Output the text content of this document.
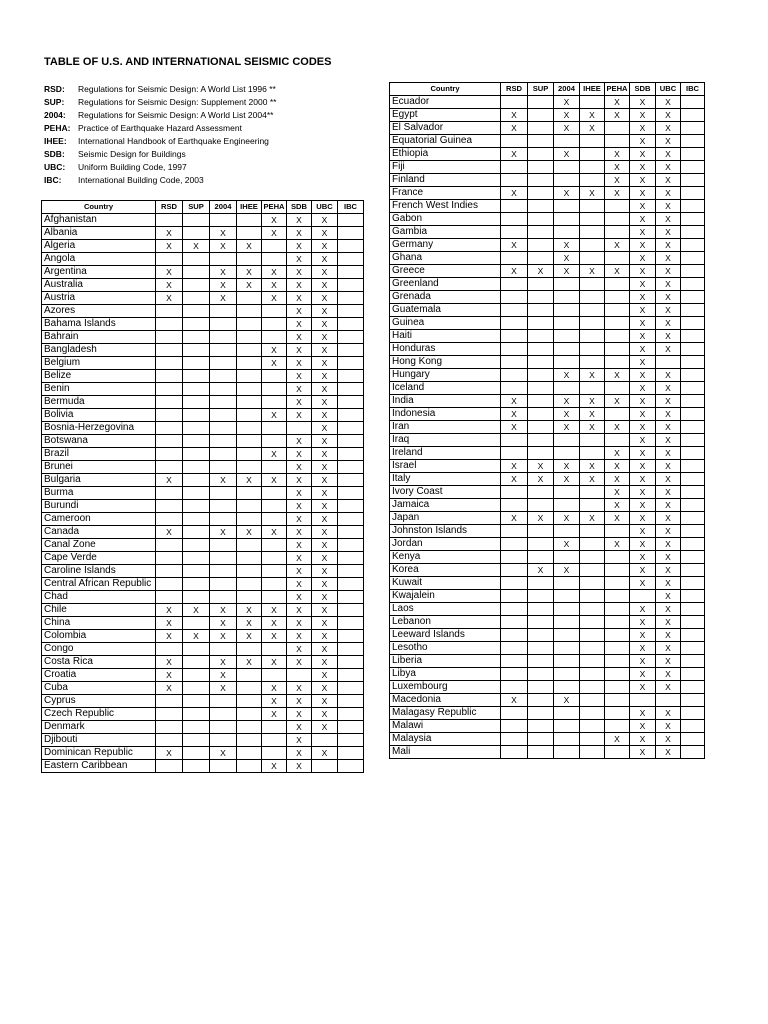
TABLE OF U.S. AND INTERNATIONAL SEISMIC CODES
RSD: Regulations for Seismic Design: A World List 1996 **
SUP: Regulations for Seismic Design: Supplement 2000 **
2004: Regulations for Seismic Design: A World List 2004**
PEHA: Practice of Earthquake Hazard Assessment
IHEE: International Handbook of Earthquake Engineering
SDB: Seismic Design for Buildings
UBC: Uniform Building Code, 1997
IBC: International Building Code, 2003
Country	RSD	SUP	2004	IHEE	PEHA	SDB	UBC	IBC
Afghanistan					X	X	X	
Albania	X		X		X	X	X	
Algeria	X	X	X	X		X	X	
Angola						X	X	
Argentina	X		X	X	X	X	X	
Australia	X		X	X	X	X	X	
Austria	X		X		X	X	X	
Azores						X	X	
Bahama Islands						X	X	
Bahrain						X	X	
Bangladesh					X	X	X	
Belgium					X	X	X	
Belize						X	X	
Benin						X	X	
Bermuda						X	X	
Bolivia					X	X	X	
Bosnia-Herzegovina							X	
Botswana						X	X	
Brazil					X	X	X	
Brunei						X	X	
Bulgaria	X		X	X	X	X	X	
Burma						X	X	
Burundi						X	X	
Cameroon						X	X	
Canada	X		X	X	X	X	X	
Canal Zone						X	X	
Cape Verde						X	X	
Caroline Islands						X	X	
Central African Republic						X	X	
Chad						X	X	
Chile	X	X	X	X	X	X	X	
China	X		X	X	X	X	X	
Colombia	X	X	X	X	X	X	X	
Congo						X	X	
Costa Rica	X		X	X	X	X	X	
Croatia	X		X				X	
Cuba	X		X		X	X	X	
Cyprus					X	X	X	
Czech Republic					X	X	X	
Denmark						X	X	
Djibouti						X		
Dominican Republic	X		X			X	X	
Eastern Caribbean					X	X		
Country	RSD	SUP	2004	IHEE	PEHA	SDB	UBC	IBC
Ecuador			X		X	X	X	
Egypt	X		X	X	X	X	X	
El Salvador	X		X	X		X	X	
Equatorial Guinea						X	X	
Ethiopia	X		X		X	X	X	
Fiji					X	X	X	
Finland					X	X	X	
France	X		X	X	X	X	X	
French West Indies						X	X	
Gabon						X	X	
Gambia						X	X	
Germany	X		X		X	X	X	
Ghana			X			X	X	
Greece	X	X	X	X	X	X	X	
Greenland						X	X	
Grenada						X	X	
Guatemala						X	X	
Guinea						X	X	
Haiti						X	X	
Honduras						X	X	
Hong Kong						X		
Hungary			X	X	X	X	X	
Iceland						X	X	
India	X		X	X	X	X	X	
Indonesia	X		X	X		X	X	
Iran	X		X	X	X	X	X	
Iraq						X	X	
Ireland					X	X	X	
Israel	X	X	X	X	X	X	X	
Italy	X	X	X	X	X	X	X	
Ivory Coast					X	X	X	
Jamaica					X	X	X	
Japan	X	X	X	X	X	X	X	
Johnston Islands						X	X	
Jordan			X		X	X	X	
Kenya						X	X	
Korea		X	X			X	X	
Kuwait						X	X	
Kwajalein							X	
Laos						X	X	
Lebanon						X	X	
Leeward Islands						X	X	
Lesotho						X	X	
Liberia						X	X	
Libya						X	X	
Luxembourg						X	X	
Macedonia	X		X					
Malagasy Republic						X	X	
Malawi						X	X	
Malaysia					X	X	X	
Mali						X	X	
